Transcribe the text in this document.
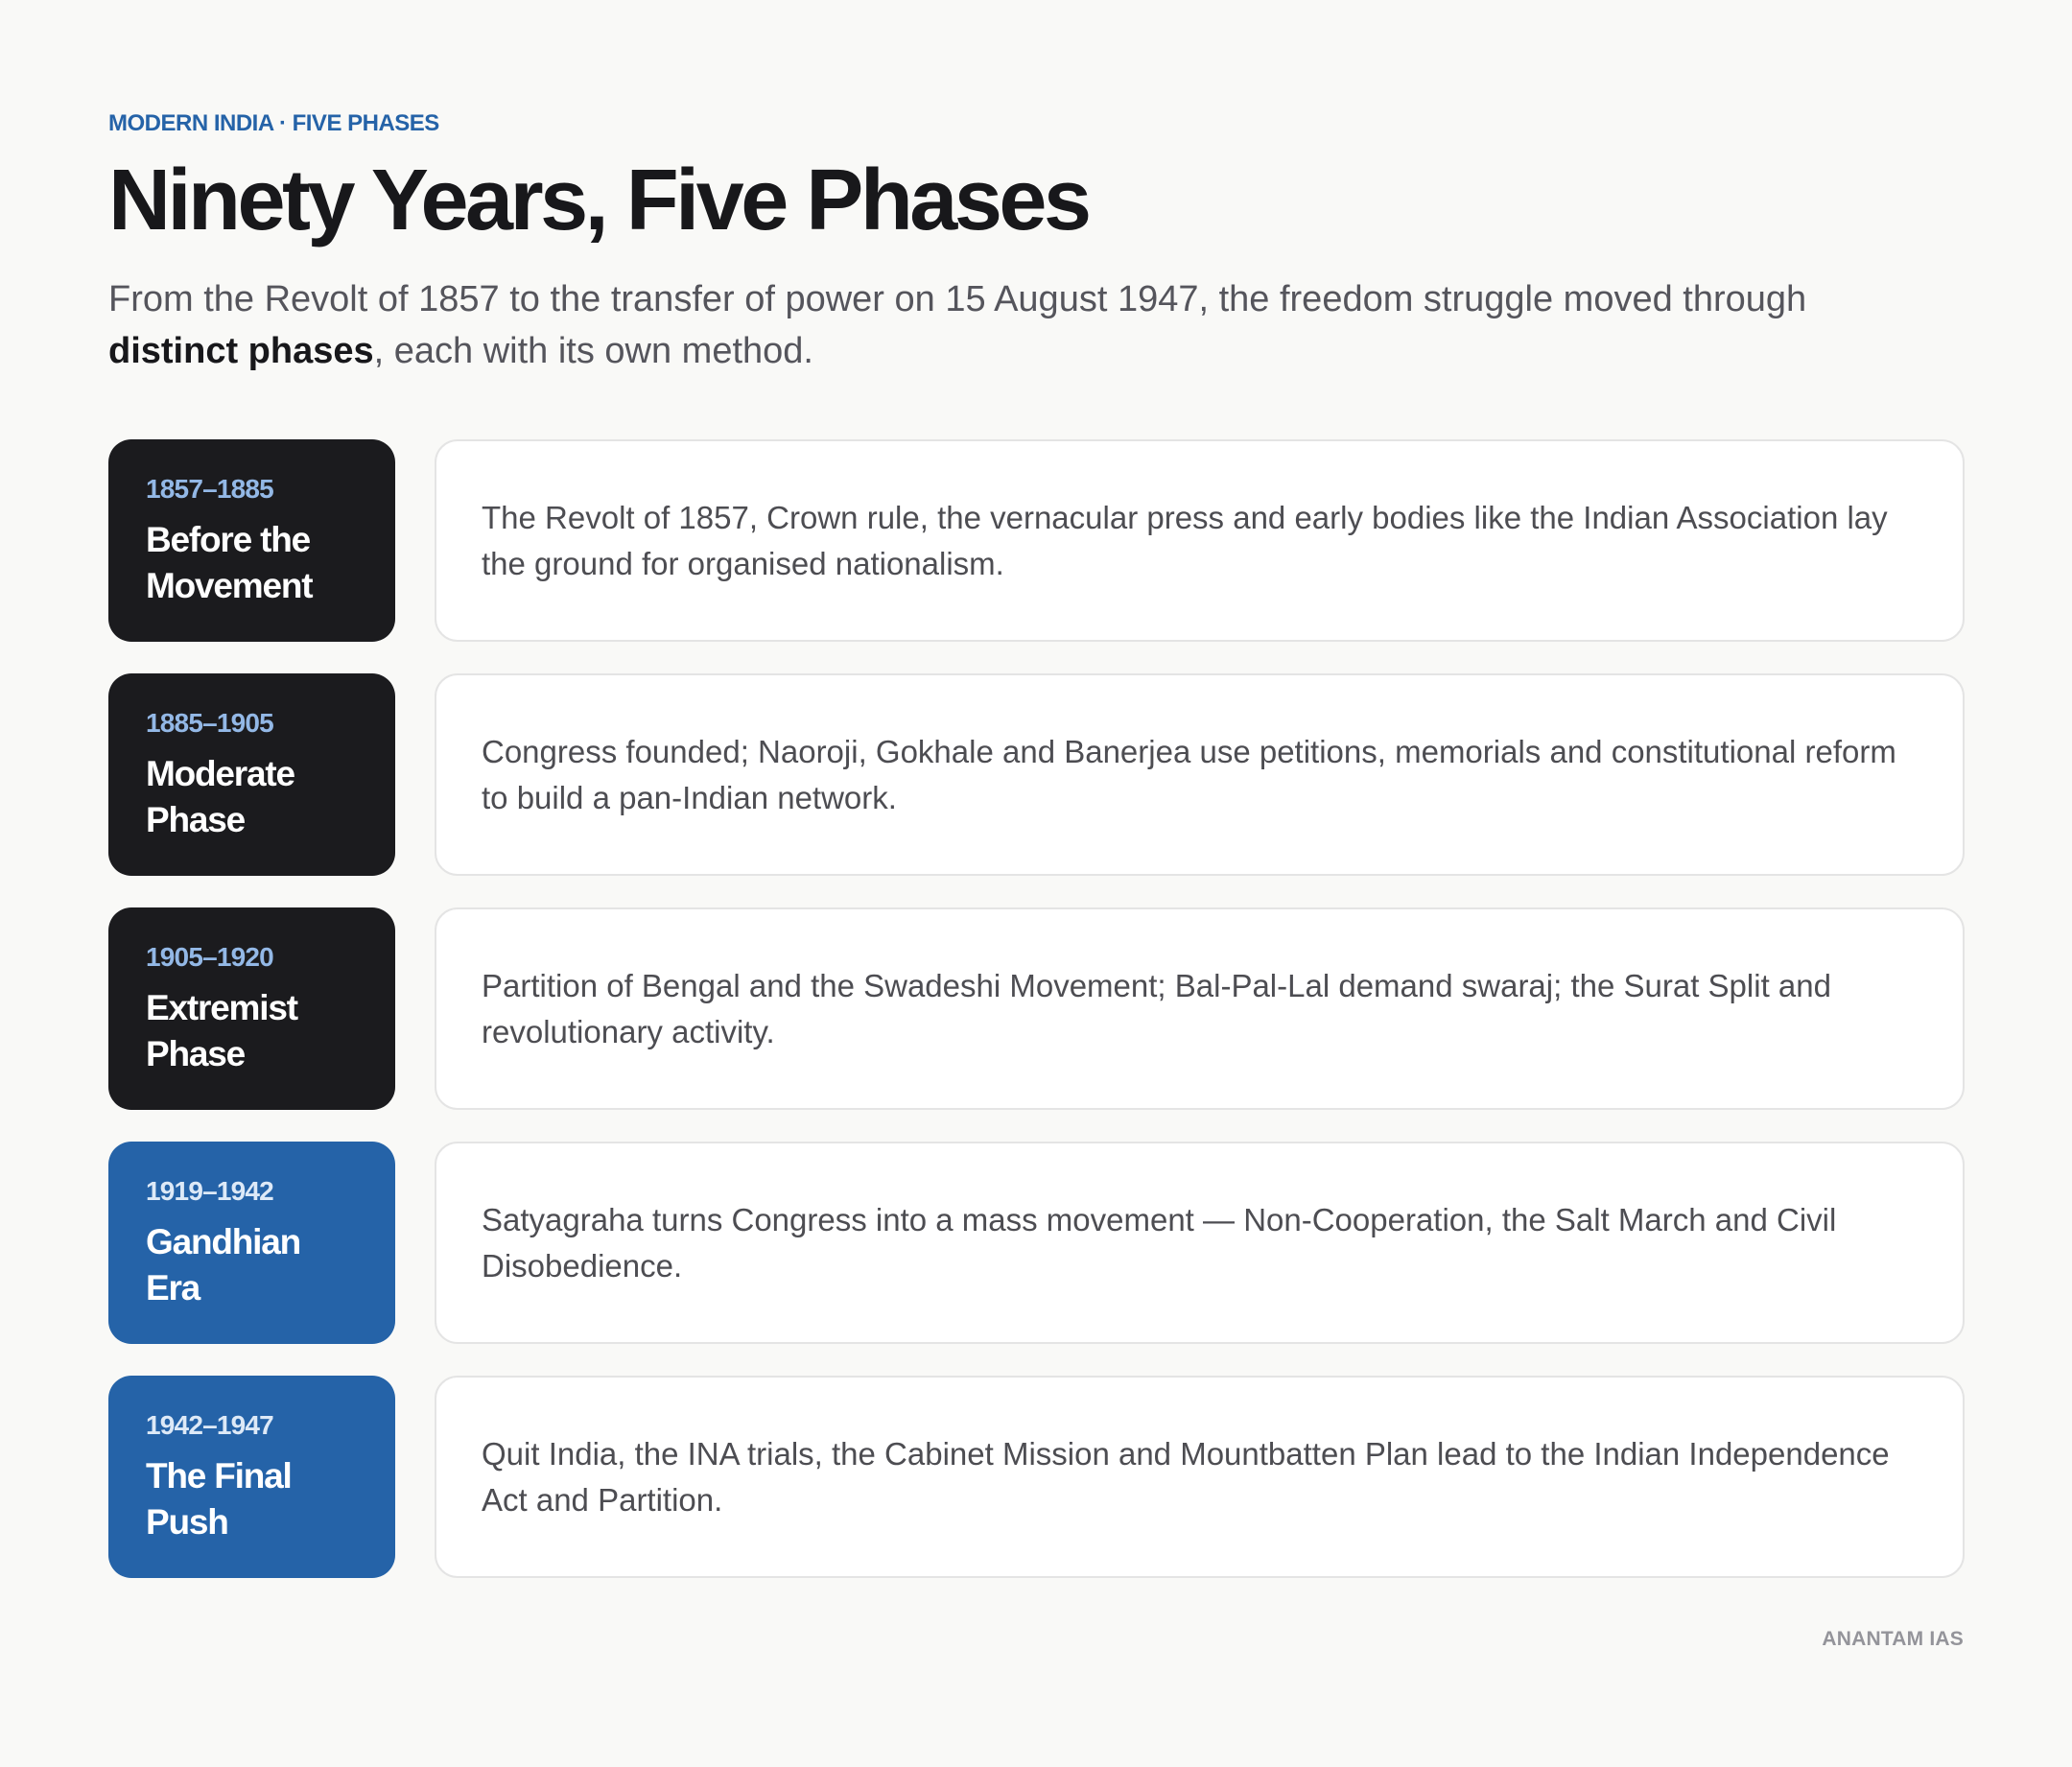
MODERN INDIA · FIVE PHASES
Ninety Years, Five Phases

From the Revolt of 1857 to the transfer of power on 15 August 1947, the freedom struggle moved through distinct phases, each with its own method.

1857–1885
Before the
Movement
The Revolt of 1857, Crown rule, the vernacular press and early bodies like the Indian Association lay the ground for organised nationalism.
1885–1905
Moderate
Phase
Congress founded; Naoroji, Gokhale and Banerjea use petitions, memorials and constitutional reform to build a pan-Indian network.
1905–1920
Extremist
Phase
Partition of Bengal and the Swadeshi Movement; Bal-Pal-Lal demand swaraj; the Surat Split and revolutionary activity.
1919–1942
Gandhian
Era
Satyagraha turns Congress into a mass movement — Non-Cooperation, the Salt March and Civil Disobedience.
1942–1947
The Final
Push
Quit India, the INA trials, the Cabinet Mission and Mountbatten Plan lead to the Indian Independence Act and Partition.
ANANTAM IAS
